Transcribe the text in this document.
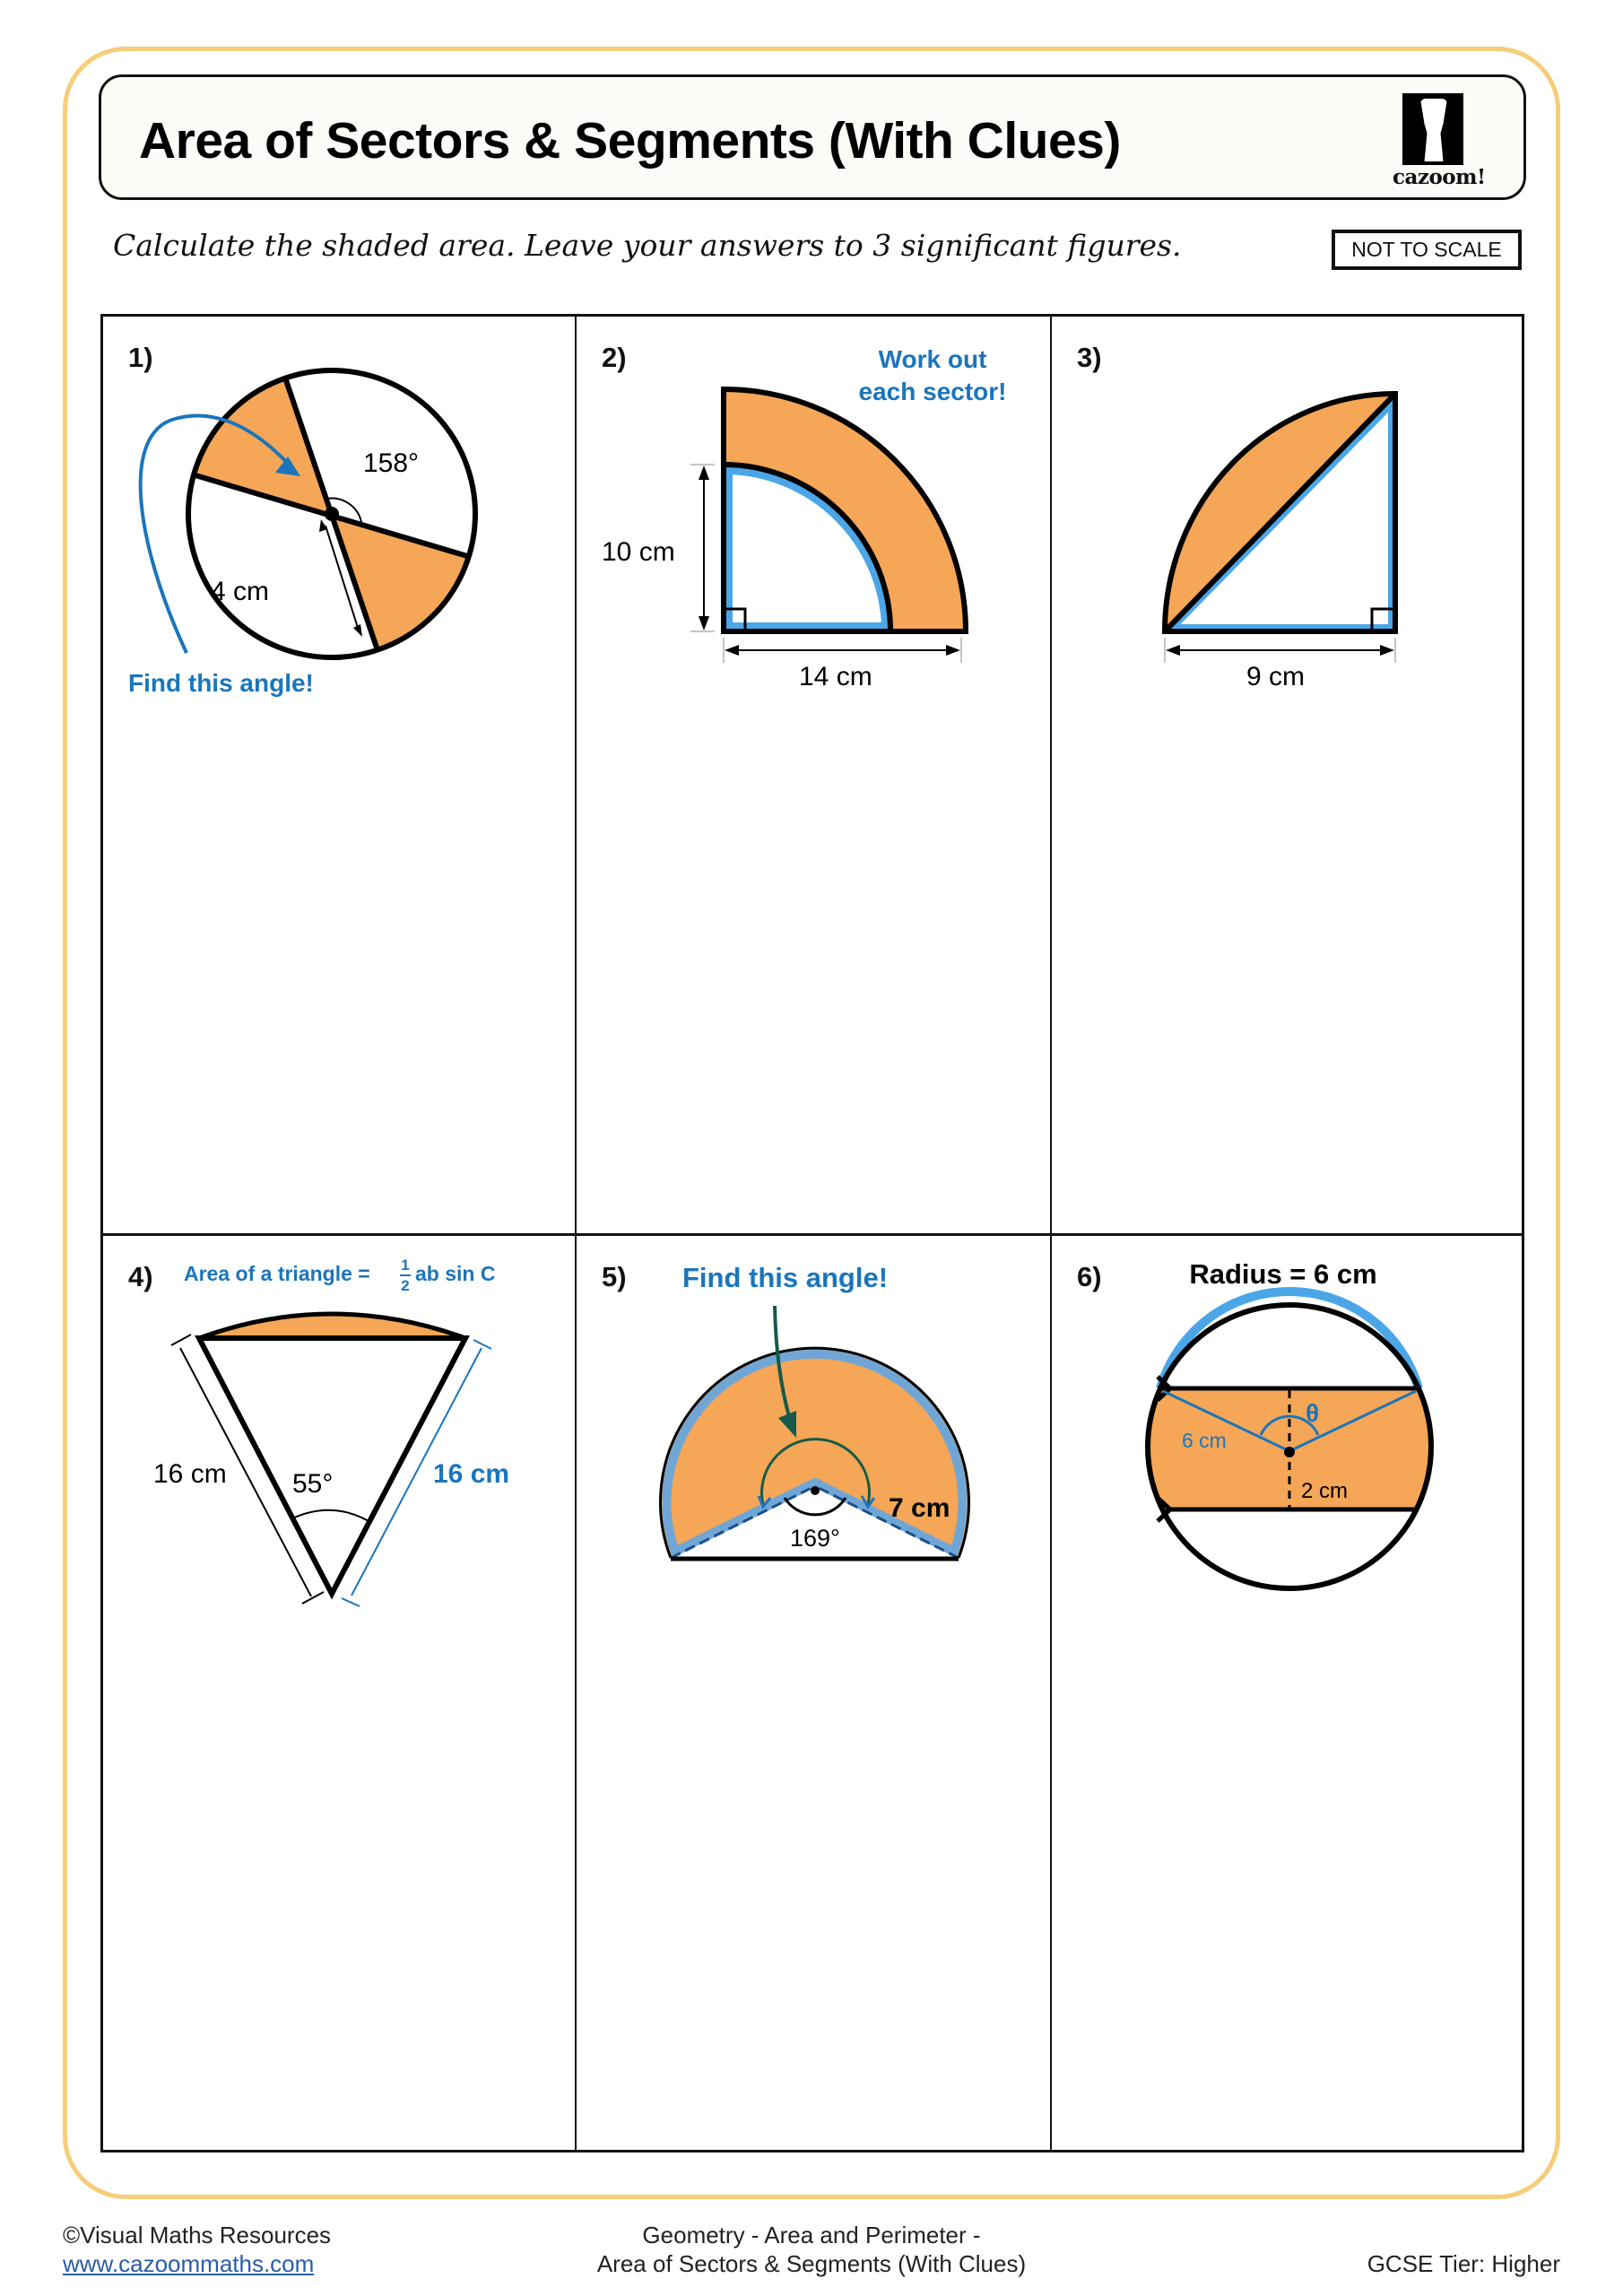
Area of Sectors & Segments (With Clues)
cazoom!
Calculate the shaded area. Leave your answers to 3 significant figures.	NOT TO SCALE
1)
4 cm
158°
Find this angle!
2)
10 cm
14 cm
Work out
each sector!
3)
9 cm
4)
55°
16 cm	16 cm
Area of a triangle = 1
2
ab sin C	5)
169°
7 cm
Find this angle!	6)
θ
6 cm
2 cm
Radius = 6 cm
©Visual Maths Resources
www.cazoommaths.com
Geometry - Area and Perimeter -
Area of Sectors & Segments (With Clues)	GCSE Tier: Higher
